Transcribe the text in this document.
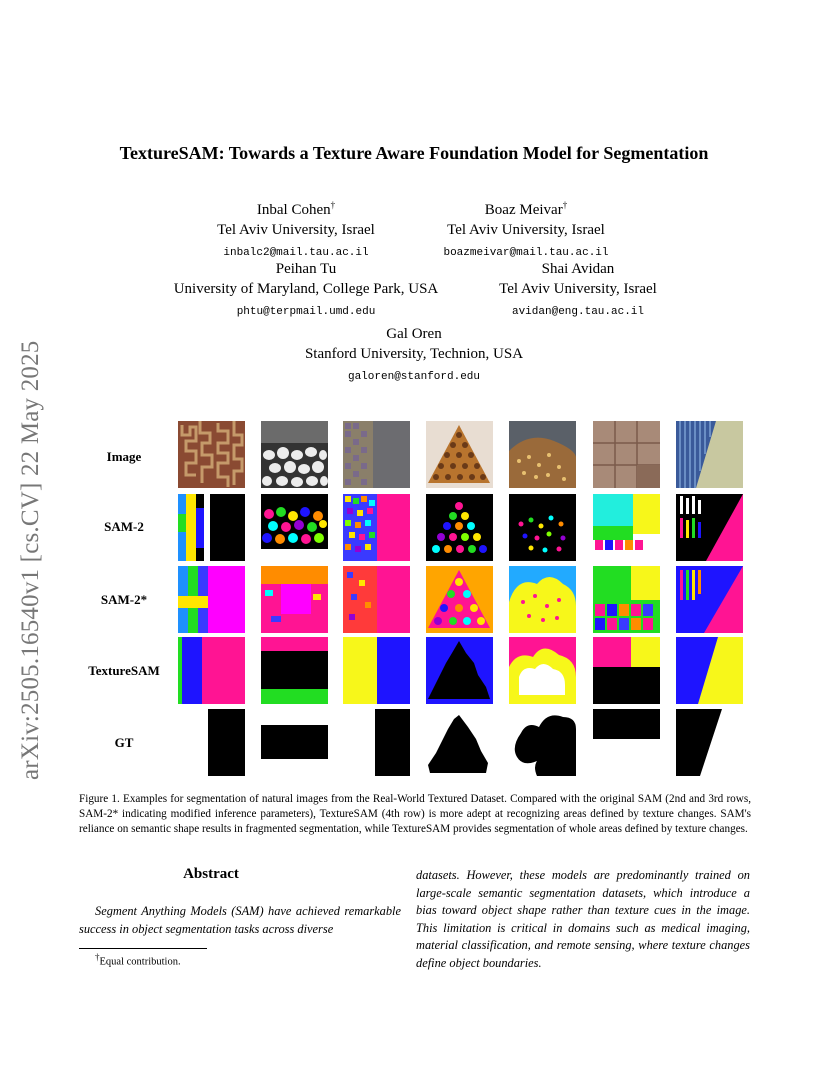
arXiv:2505.16540v1 [cs.CV] 22 May 2025
TextureSAM: Towards a Texture Aware Foundation Model for Segmentation
Inbal Cohen†
Tel Aviv University, Israel
inbalc2@mail.tau.ac.il
Boaz Meivar†
Tel Aviv University, Israel
boazmeivar@mail.tau.ac.il
Peihan Tu
University of Maryland, College Park, USA
phtu@terpmail.umd.edu
Shai Avidan
Tel Aviv University, Israel
avidan@eng.tau.ac.il
Gal Oren
Stanford University, Technion, USA
galoren@stanford.edu
Image
SAM-2
SAM-2*
TextureSAM
GT
Figure 1. Examples for segmentation of natural images from the Real-World Textured Dataset. Compared with the original SAM (2nd and 3rd rows, SAM-2* indicating modified inference parameters), TextureSAM (4th row) is more adept at recognizing areas defined by texture changes. SAM's reliance on semantic shape results in fragmented segmentation, while TextureSAM provides segmentation of whole areas defined by texture changes.
Abstract
Segment Anything Models (SAM) have achieved remarkable success in object segmentation tasks across diverse
†Equal contribution.
datasets. However, these models are predominantly trained on large-scale semantic segmentation datasets, which introduce a bias toward object shape rather than texture cues in the image. This limitation is critical in domains such as medical imaging, material classification, and remote sensing, where texture changes define object boundaries.
